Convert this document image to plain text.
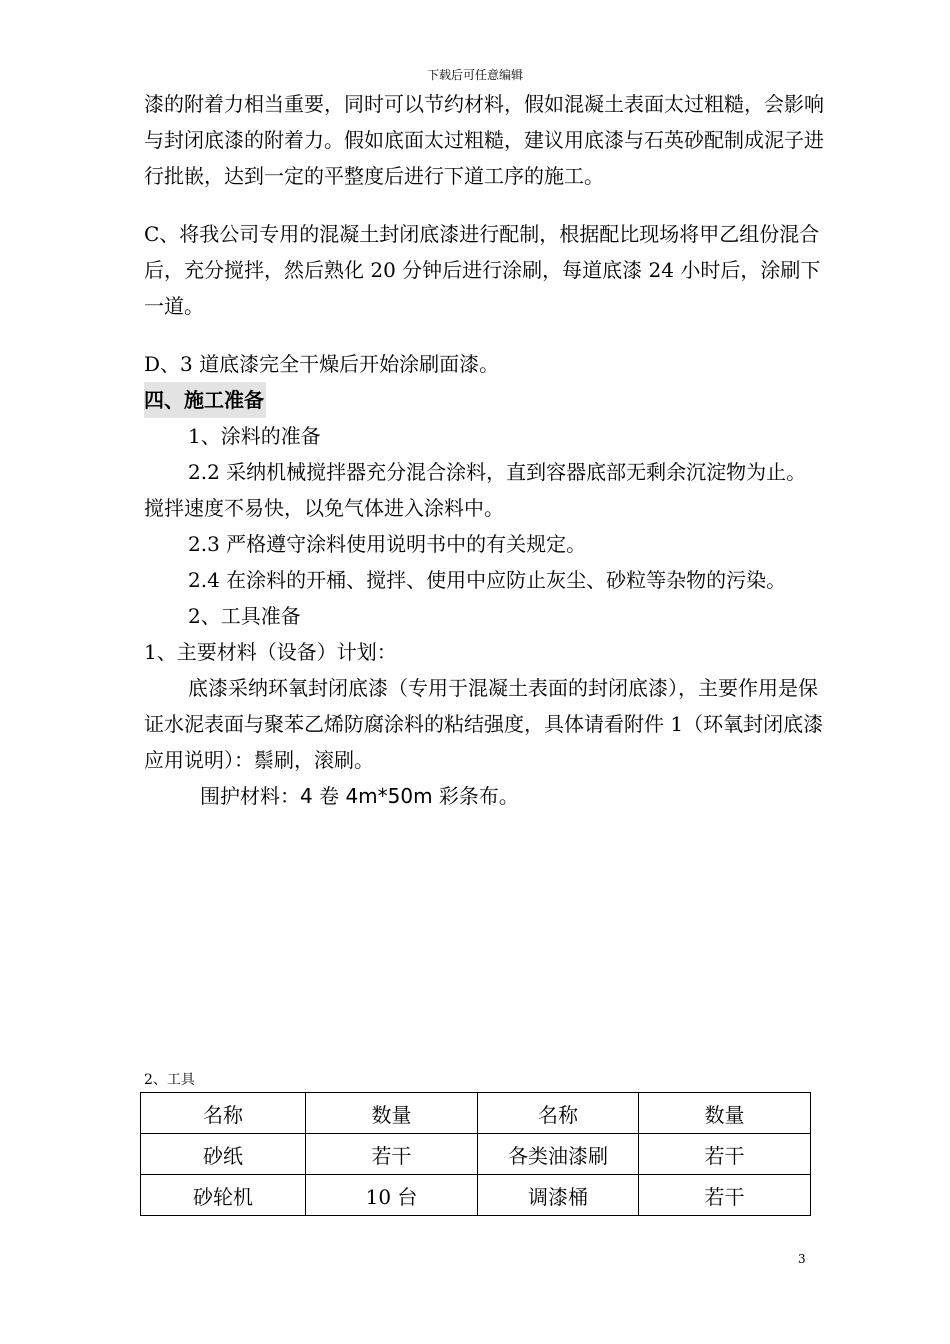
下载后可任意编辑

漆的附着力相当重要，同时可以节约材料，假如混凝土表面太过粗糙，会影响与封闭底漆的附着力。假如底面太过粗糙，建议用底漆与石英砂配制成泥子进行批嵌，达到一定的平整度后进行下道工序的施工。

C、将我公司专用的混凝土封闭底漆进行配制，根据配比现场将甲乙组份混合后，充分搅拌，然后熟化 20 分钟后进行涂刷，每道底漆 24 小时后，涂刷下一道。

D、3 道底漆完全干燥后开始涂刷面漆。

四、施工准备

1、涂料的准备

2.2 采纳机械搅拌器充分混合涂料，直到容器底部无剩余沉淀物为止。搅拌速度不易快，以免气体进入涂料中。

2.3 严格遵守涂料使用说明书中的有关规定。

2.4 在涂料的开桶、搅拌、使用中应防止灰尘、砂粒等杂物的污染。

2、工具准备

1、主要材料（设备）计划：

底漆采纳环氧封闭底漆（专用于混凝土表面的封闭底漆），主要作用是保证水泥表面与聚苯乙烯防腐涂料的粘结强度，具体请看附件 1（环氧封闭底漆应用说明）：鬃刷，滚刷。

围护材料：4 卷 4m*50m 彩条布。

2、工具
名称	数量	名称	数量
砂纸	若干	各类油漆刷	若干
砂轮机	10 台	调漆桶	若干
3
